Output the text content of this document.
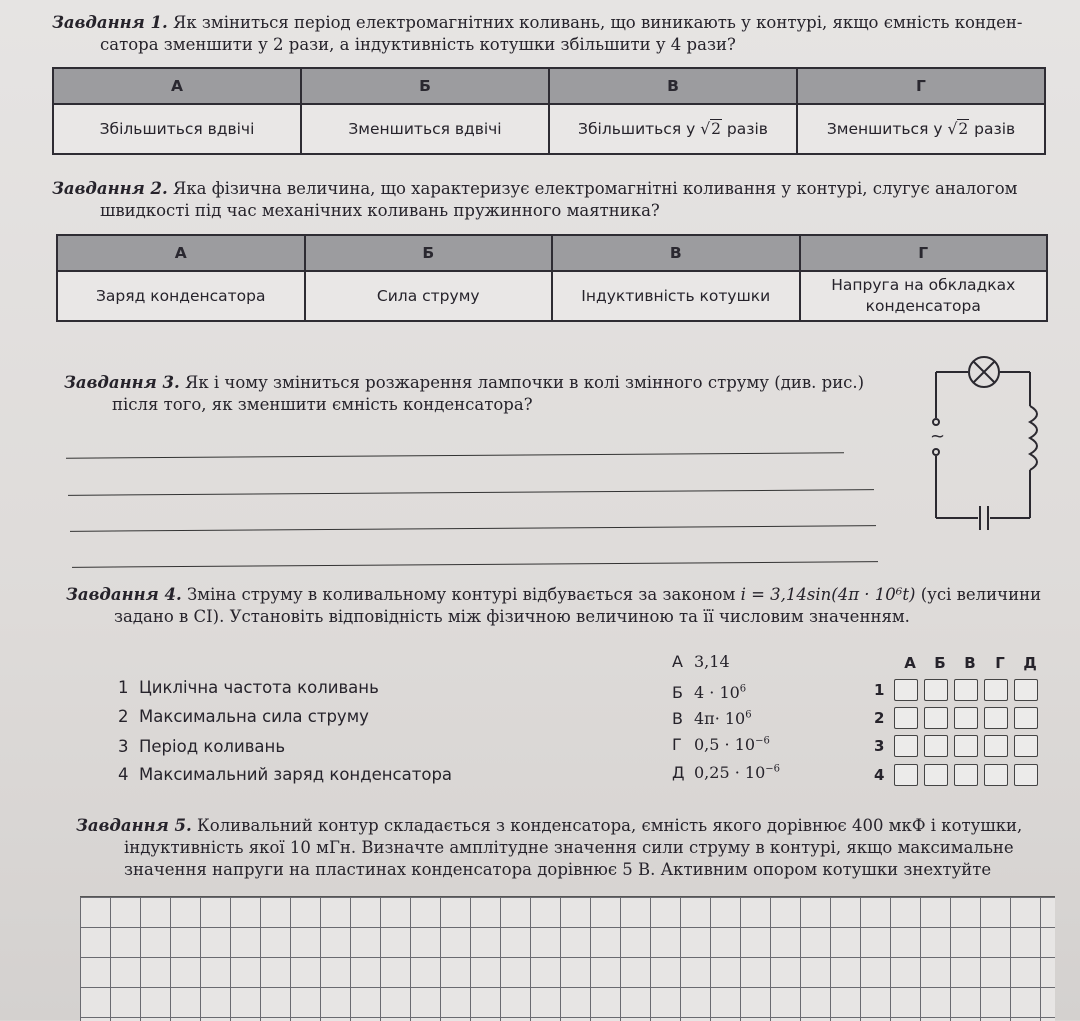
Завдання 1. Як зміниться період електромагнітних коливань, що виникають у контурі, якщо ємність конден-
сатора зменшити у 2 рази, а індуктивність котушки збільшити у 4 рази?
А	Б	В	Г
Збільшиться вдвічі	Зменшиться вдвічі	Збільшиться у √2 разів	Зменшиться у √2 разів
Завдання 2. Яка фізична величина, що характеризує електромагнітні коливання у контурі, слугує аналогом
швидкості під час механічних коливань пружинного маятника?
А	Б	В	Г
Заряд конденсатора	Сила струму	Індуктивність котушки	Напруга на обкладках конденсатора
Завдання 3. Як і чому зміниться розжарення лампочки в колі змінного струму (див. рис.)
після того, як зменшити ємність конденсатора?
~
Завдання 4. Зміна струму в коливальному контурі відбувається за законом i = 3,14sin(4π · 10⁶t) (усі величини
задано в СІ). Установіть відповідність між фізичною величиною та її числовим значенням.
1 Циклічна частота коливань
2 Максимальна сила струму
3 Період коливань
4 Максимальний заряд конденсатора
А 3,14
Б $4 \cdot 10^6$
В $4\pi\cdot 10^6$
Г $0,5 \cdot 10^{-6}$
Д $0,25 \cdot 10^{-6}$
А Б В	Г	Д
1
2
3
4
Завдання 5. Коливальний контур складається з конденсатора, ємність якого дорівнює 400 мкФ і котушки,
індуктивність якої 10 мГн. Визначте амплітудне значення сили струму в контурі, якщо максимальне
значення напруги на пластинах конденсатора дорівнює 5 В. Активним опором котушки знехтуйте
